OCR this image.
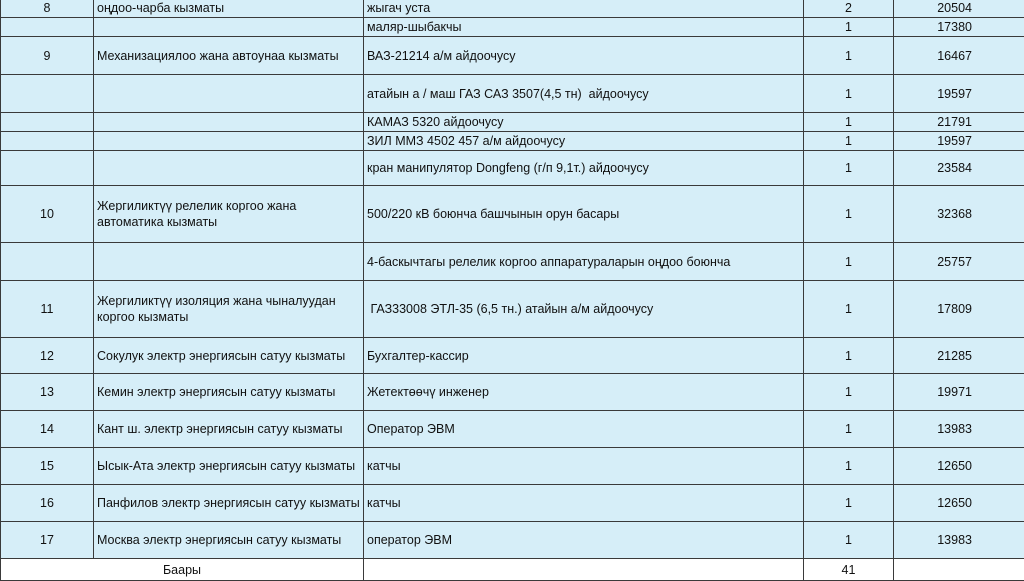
8	оңдоо-чарба кызматы	жыгач уста	2	20504
		маляр-шыбакчы	1	17380
9	Механизациялоо жана автоунаа кызматы	ВАЗ-21214 а/м айдоочусу	1	16467
		атайын а / маш ГАЗ САЗ 3507(4,5 тн)  айдоочусу	1	19597
		КАМАЗ 5320 айдоочусу	1	21791
		ЗИЛ ММЗ 4502 457 а/м айдоочусу	1	19597
		кран манипулятор Dongfeng (г/п 9,1т.) айдоочусу	1	23584
10	Жергиликтүү релелик коргоо жана автоматика кызматы	500/220 кВ боюнча башчынын орун басары	1	32368
		4-баскычтагы релелик коргоо аппаратураларын оңдоо боюнча	1	25757
11	Жергиликтүү изоляция жана чыналуудан коргоо кызматы	ГАЗ33008 ЭТЛ-35 (6,5 тн.) атайын а/м айдоочусу	1	17809
12	Сокулук электр энергиясын сатуу кызматы	Бухгалтер-кассир	1	21285
13	Кемин электр энергиясын сатуу кызматы	Жетектөөчү инженер	1	19971
14	Кант ш. электр энергиясын сатуу кызматы	Оператор ЭВМ	1	13983
15	Ысык-Ата электр энергиясын сатуу кызматы	катчы	1	12650
16	Панфилов электр энергиясын сатуу кызматы	катчы	1	12650
17	Москва электр энергиясын сатуу кызматы	оператор ЭВМ	1	13983
Баары			41	
